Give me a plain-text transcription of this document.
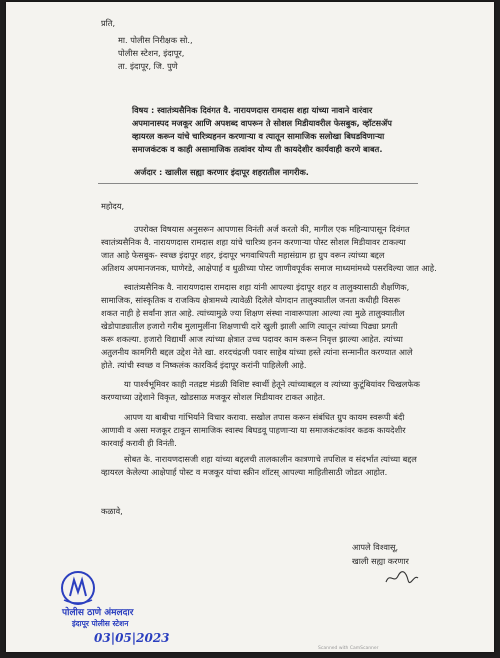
प्रति,
मा. पोलीस निरीक्षक सो.,
पोलीस स्टेशन, इंदापूर,
ता. इंदापूर, जि. पुणे
विषय : स्वातंत्र्यसैनिक दिवंगत वै. नारायणदास रामदास शहा यांच्या नावाने वारंवार
अपमानास्पद मजकूर आणि अपशब्द वापरून ते सोशल मिडीयावरील फेसबुक, व्हॉटसॲप
व्हायरल करून यांचे चारित्र्यहनन करणाऱ्या व त्यातून सामाजिक सलोखा बिघडविणाऱ्या
समाजकंटक व काही असामाजिक तत्वांवर योग्य ती कायदेशीर कार्यवाही करणे बाबत.
अर्जदार : खालील सह्या करणार इंदापूर शहरातील नागरीक.
महोदय,
उपरोक्त विषयास अनुसरून आपणास विनंती अर्ज करतो की, मागील एक महिन्यापासून दिवंगत
स्वातंत्र्यसैनिक वै. नारायणदास रामदास शहा यांचे चारित्र्य हनन करणाऱ्या पोस्ट सोशल मिडीयावर टाकल्या
जात आहे फेसबुक- स्वच्छ इंदापूर शहर, इंदापूर भगवाधिपती महासंग्राम हा ग्रुप वरून त्यांच्या बद्दल
अतिशय अपमानजनक, घाणेरडे, आक्षेपार्ह व धुळीच्या पोस्ट जाणीवपूर्वक समाज माध्यमांमध्ये पसरविल्या जात आहे.
स्वातंत्र्यसैनिक वै. नारायणदास रामदास शहा यांनी आपल्या इंदापूर शहर व तालुक्यासाठी शैक्षणिक,
सामाजिक, सांस्कृतिक व राजकिय क्षेत्रामध्ये त्यावेळी दिलेले योगदान तालुक्यातील जनता कधीही विसरू
शकत नाही हे सर्वांना ज्ञात आहे. त्यांच्यामुळे ज्या शिक्षण संस्था नावारूपाला आल्या त्या मुळे तालुक्यातील
खेडोपाड्यातील हजारो गरीब मुलामुलींना शिक्षणाची दारे खुली झाली आणि त्यातून त्यांच्या पिढ्या प्रगती
करू शकल्या. हजारो विद्यार्थी आज त्यांच्या क्षेत्रात उच्च पदावर काम करून निवृत्त झाल्या आहेत. त्यांच्या
अतुलनीय कामगिरी बद्दल उद्देश नेते खा. शरदचंद्रजी पवार साहेब यांच्या हस्ते त्यांना सन्मानीत करण्यात आले
होते. त्यांची स्वच्छ व निष्कलंक कारकिर्द इंदापूर करांनी पाहिलेली आहे.
या पार्श्वभूमिवर काही नतद्रष्ट मंडळी विशिष्ट स्वार्थी हेतूने त्यांच्याबद्दल व त्यांच्या कुटूंबियांवर चिखलफेक
करण्याच्या उद्देशाने विकृत, खोडसाळ मजकूर सोशल मिडीयावर टाकत आहेत.
आपण या बाबीचा गांभिर्याने विचार करावा. सखोल तपास करून संबंधित ग्रुप कायम स्वरूपी बंदी
आणावी व असा मजकूर टाकून सामाजिक स्वास्थ बिघडवू पाहणाऱ्या या समाजकंटकांवर कडक कायदेशीर
कारवाई करावी ही विनंती.
सोबत के. नारायणदासजी शहा यांच्या बद्दलची तालकालीन कात्रणाचे तपशिल व संदर्भात त्यांच्या बद्दल
व्हायरल केलेल्या आक्षेपार्ह पोस्ट व मजकूर यांचा स्क्रीन शॉटस् आपल्या माहितीसाठी जोडत आहोत.
कळावे,
आपले विश्वासू,
खाली सह्या करणार
पोलीस ठाणे अंमलदार
इंदापूर पोलीस स्टेशन
03|05|2023
Scanned with CamScanner
